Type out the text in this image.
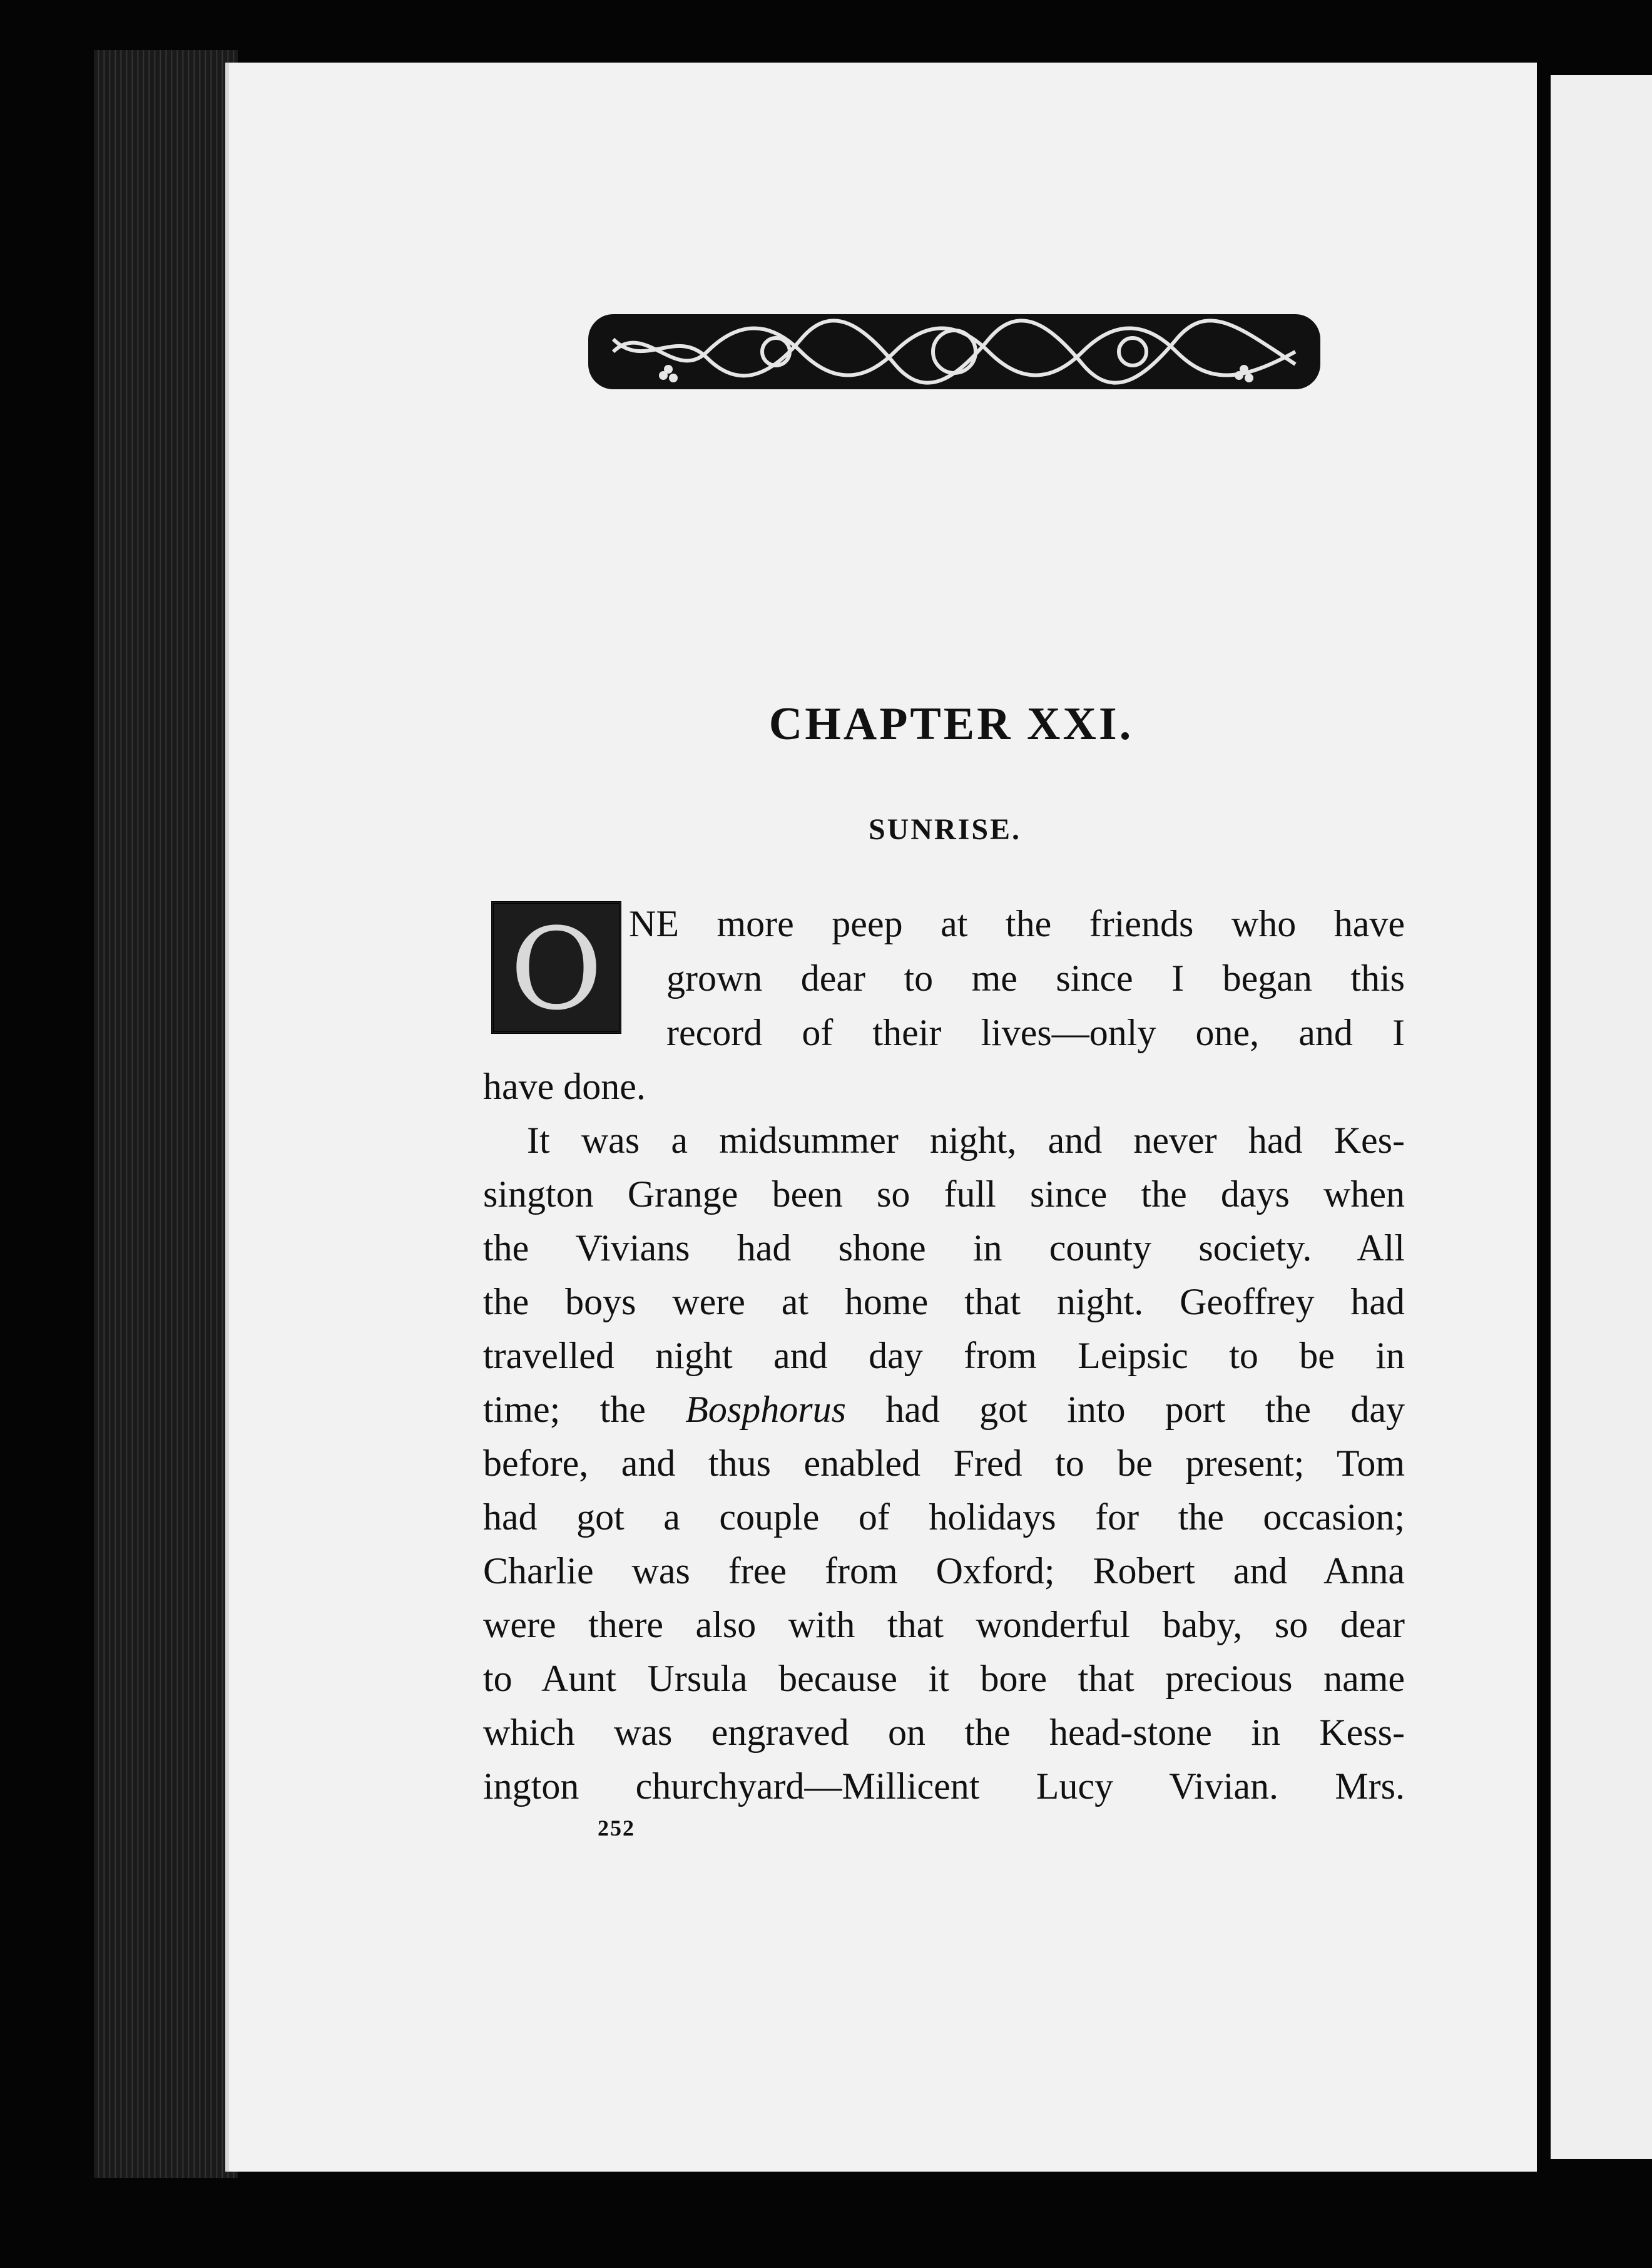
CHAPTER XXI.
SUNRISE.
O NE more peep at the friends who have
grown dear to me since I began this
record of their lives—only one, and I
have done.
It was a midsummer night, and never had Kes-
sington Grange been so full since the days when
the Vivians had shone in county society. All
the boys were at home that night. Geoffrey had
travelled night and day from Leipsic to be in
time; the Bosphorus had got into port the day
before, and thus enabled Fred to be present; Tom
had got a couple of holidays for the occasion;
Charlie was free from Oxford; Robert and Anna
were there also with that wonderful baby, so dear
to Aunt Ursula because it bore that precious name
which was engraved on the head-stone in Kess-
ington churchyard—Millicent Lucy Vivian. Mrs.
252
